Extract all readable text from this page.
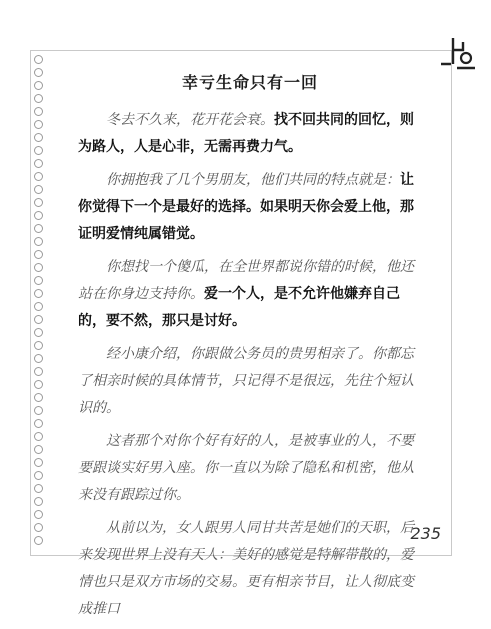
幸亏生命只有一回

冬去不久来，花开花会衰。找不回共同的回忆，则为路人，人是心非，无需再费力气。

你拥抱我了几个男朋友，他们共同的特点就是：让你觉得下一个是最好的选择。如果明天你会爱上他，那证明爱情纯属错觉。

你想找一个傻瓜，在全世界都说你错的时候，他还站在你身边支持你。爱一个人，是不允许他嫌弃自己的，要不然，那只是讨好。

经小康介绍，你跟做公务员的贵男相亲了。你都忘了相亲时候的具体情节，只记得不是很远，先往个短认识的。

这者那个对你个好有好的人，是被事业的人，不要要跟谈实好男入座。你一直以为除了隐私和机密，他从来没有跟踪过你。

从前以为，女人跟男人同甘共苦是她们的天职，后来发现世界上没有天人：美好的感觉是特解带散的，爱情也只是双方市场的交易。更有相亲节目，让人彻底变成推口

235
